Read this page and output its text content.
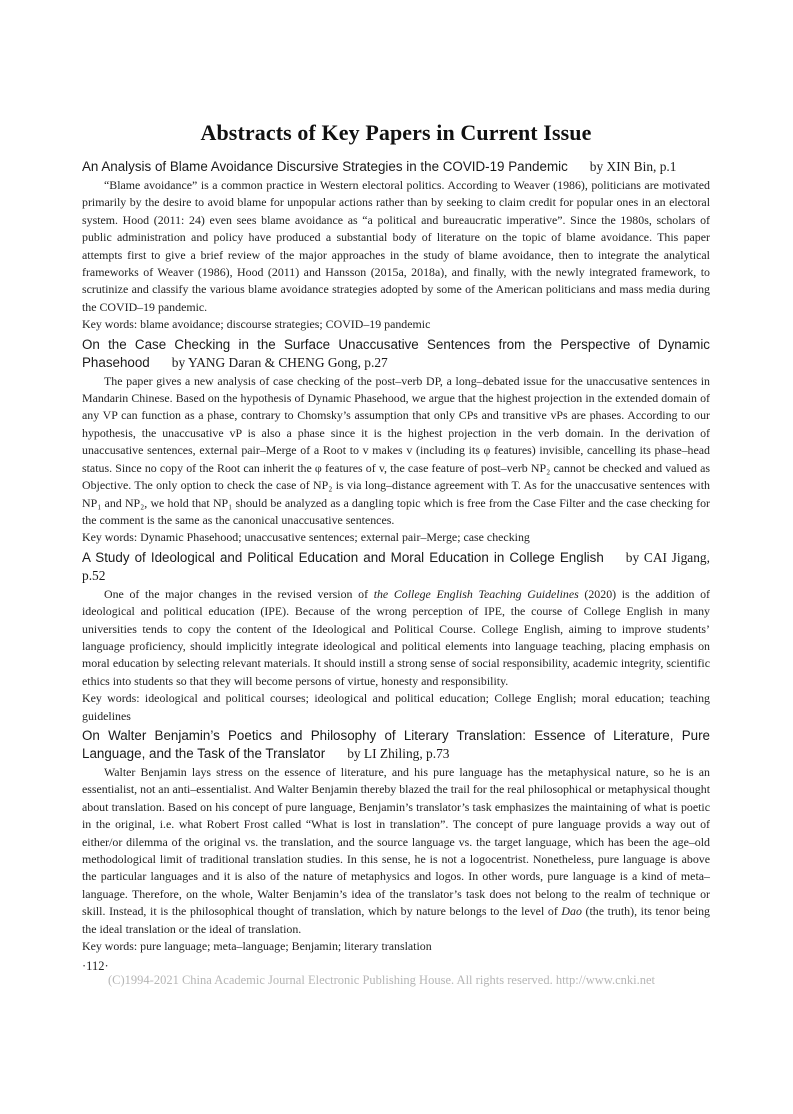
Abstracts of Key Papers in Current Issue

An Analysis of Blame Avoidance Discursive Strategies in the COVID-19 Pandemic by XIN Bin, p.1

“Blame avoidance” is a common practice in Western electoral politics. According to Weaver (1986), politicians are motivated primarily by the desire to avoid blame for unpopular actions rather than by seeking to claim credit for popular ones in an electoral system. Hood (2011: 24) even sees blame avoidance as “a political and bureaucratic imperative”. Since the 1980s, scholars of public administration and policy have produced a substantial body of literature on the topic of blame avoidance. This paper attempts first to give a brief review of the major approaches in the study of blame avoidance, then to integrate the analytical frameworks of Weaver (1986), Hood (2011) and Hansson (2015a, 2018a), and finally, with the newly integrated framework, to scrutinize and classify the various blame avoidance strategies adopted by some of the American politicians and mass media during the COVID–19 pandemic.

Key words: blame avoidance; discourse strategies; COVID–19 pandemic

On the Case Checking in the Surface Unaccusative Sentences from the Perspective of Dynamic Phasehood by YANG Daran & CHENG Gong, p.27

The paper gives a new analysis of case checking of the post–verb DP, a long–debated issue for the unaccusative sentences in Mandarin Chinese. Based on the hypothesis of Dynamic Phasehood, we argue that the highest projection in the extended domain of any VP can function as a phase, contrary to Chomsky’s assumption that only CPs and transitive vPs are phases. According to our hypothesis, the unaccusative vP is also a phase since it is the highest projection in the verb domain. In the derivation of unaccusative sentences, external pair–Merge of a Root to v makes v (including its φ features) invisible, cancelling its phase–head status. Since no copy of the Root can inherit the φ features of v, the case feature of post–verb NP₂ cannot be checked and valued as Objective. The only option to check the case of NP₂ is via long–distance agreement with T. As for the unaccusative sentences with NP₁ and NP₂, we hold that NP₁ should be analyzed as a dangling topic which is free from the Case Filter and the case checking for the comment is the same as the canonical unaccusative sentences.

Key words: Dynamic Phasehood; unaccusative sentences; external pair–Merge; case checking

A Study of Ideological and Political Education and Moral Education in College English by CAI Jigang, p.52

One of the major changes in the revised version of the College English Teaching Guidelines (2020) is the addition of ideological and political education (IPE). Because of the wrong perception of IPE, the course of College English in many universities tends to copy the content of the Ideological and Political Course. College English, aiming to improve students’ language proficiency, should implicitly integrate ideological and political elements into language teaching, placing emphasis on moral education by selecting relevant materials. It should instill a strong sense of social responsibility, academic integrity, scientific ethics into students so that they will become persons of virtue, honesty and responsibility.

Key words: ideological and political courses; ideological and political education; College English; moral education; teaching guidelines

On Walter Benjamin’s Poetics and Philosophy of Literary Translation: Essence of Literature, Pure Language, and the Task of the Translator by LI Zhiling, p.73

Walter Benjamin lays stress on the essence of literature, and his pure language has the metaphysical nature, so he is an essentialist, not an anti–essentialist. And Walter Benjamin thereby blazed the trail for the real philosophical or metaphysical thought about translation. Based on his concept of pure language, Benjamin’s translator’s task emphasizes the maintaining of what is poetic in the original, i.e. what Robert Frost called “What is lost in translation”. The concept of pure language provids a way out of either/or dilemma of the original vs. the translation, and the source language vs. the target language, which has been the age–old methodological limit of traditional translation studies. In this sense, he is not a logocentrist. Nonetheless, pure language is above the particular languages and it is also of the nature of metaphysics and logos. In other words, pure language is a kind of meta–language. Therefore, on the whole, Walter Benjamin’s idea of the translator’s task does not belong to the realm of technique or skill. Instead, it is the philosophical thought of translation, which by nature belongs to the level of Dao (the truth), its tenor being the ideal translation or the ideal of translation.

Key words: pure language; meta–language; Benjamin; literary translation

·112·
(C)1994-2021 China Academic Journal Electronic Publishing House. All rights reserved. http://www.cnki.net
